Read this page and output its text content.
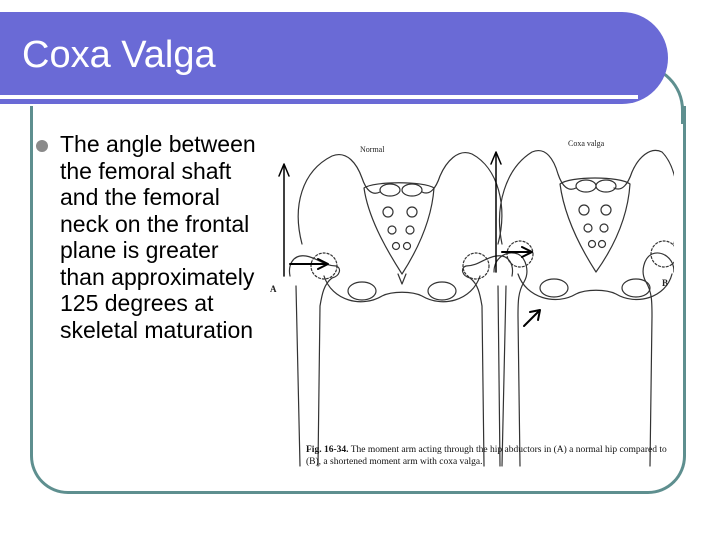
Coxa Valga
The angle between the femoral shaft and the femoral neck on the frontal plane is greater than approximately 125 degrees at skeletal maturation
Normal
Coxa valga
A
B
Fig. 16-34. The moment arm acting through the hip abductors in (A) a normal hip compared to (B), a shortened moment arm with coxa valga.
